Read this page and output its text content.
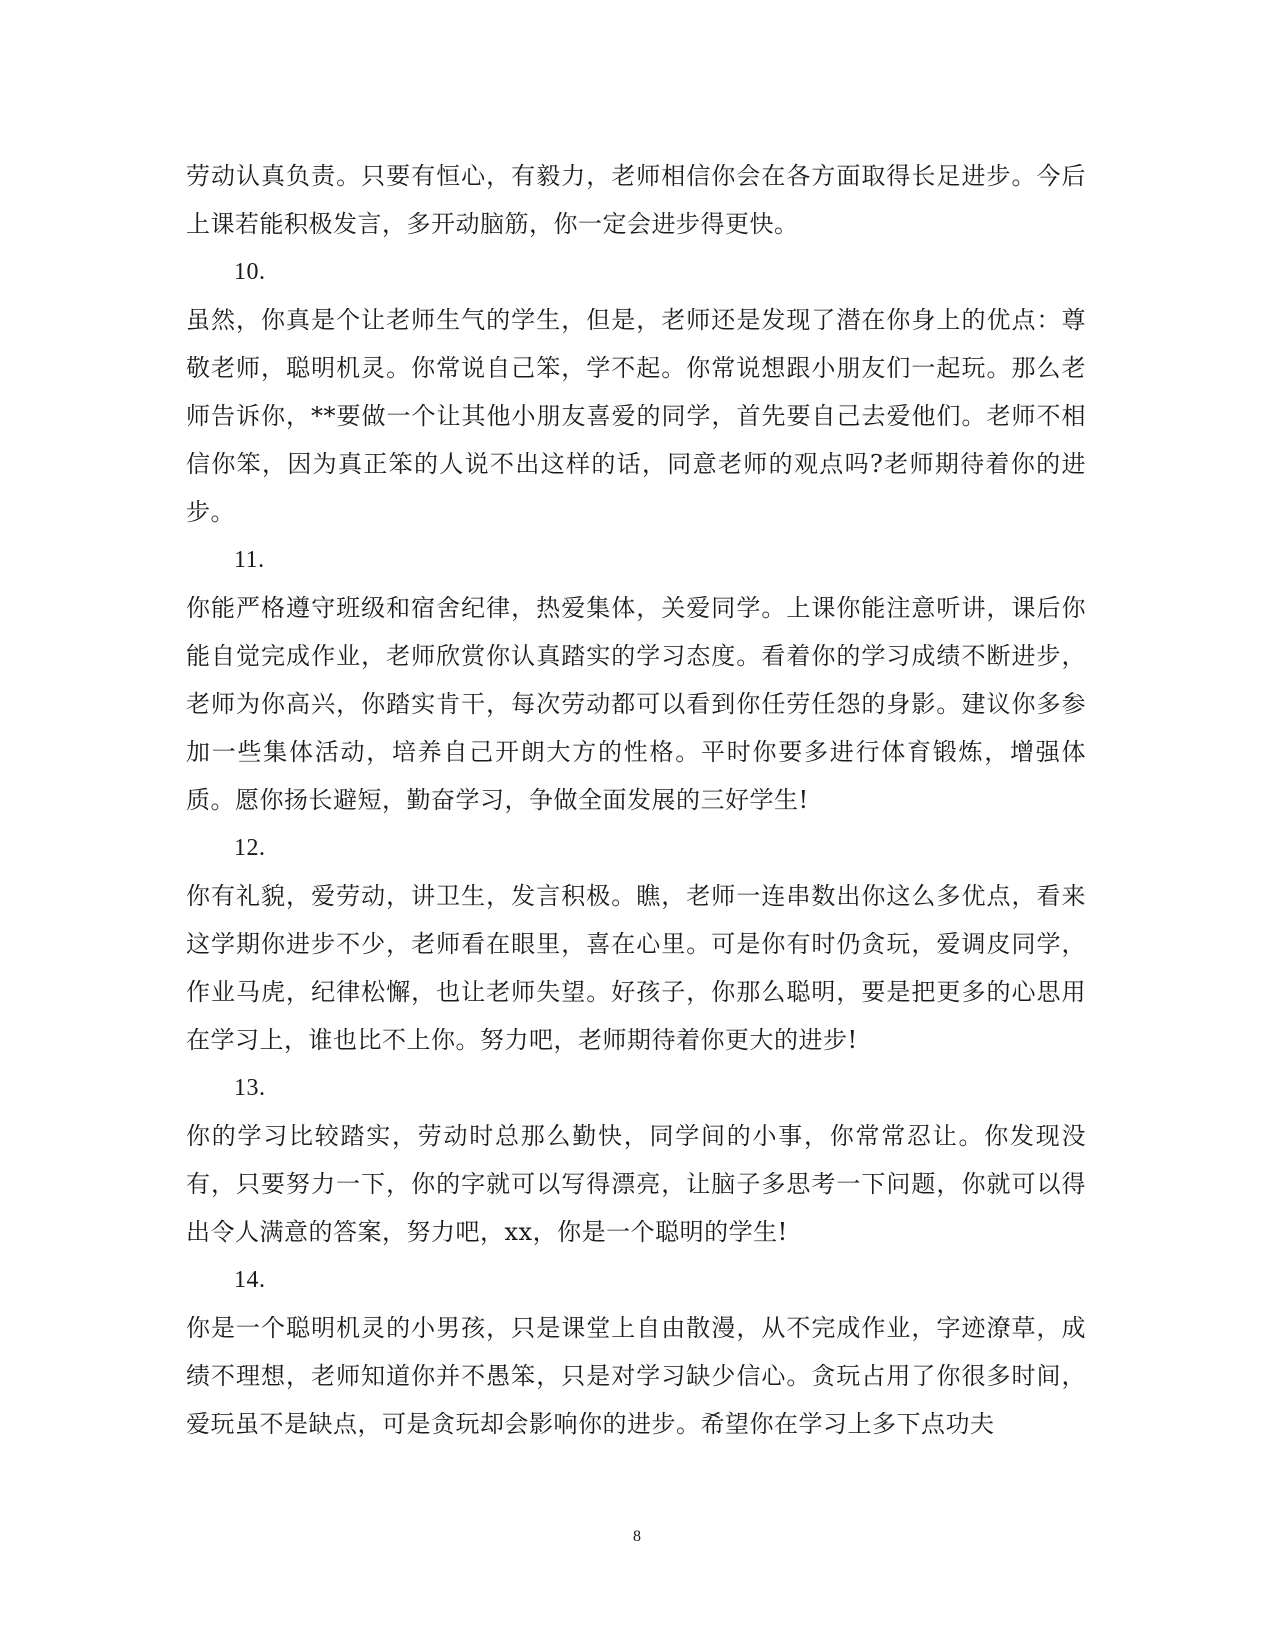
劳动认真负责。只要有恒心，有毅力，老师相信你会在各方面取得长足进步。今后上课若能积极发言，多开动脑筋，你一定会进步得更快。

10.

虽然，你真是个让老师生气的学生，但是，老师还是发现了潜在你身上的优点：尊敬老师，聪明机灵。你常说自己笨，学不起。你常说想跟小朋友们一起玩。那么老师告诉你，**要做一个让其他小朋友喜爱的同学，首先要自己去爱他们。老师不相信你笨，因为真正笨的人说不出这样的话，同意老师的观点吗?老师期待着你的进步。

11.

你能严格遵守班级和宿舍纪律，热爱集体，关爱同学。上课你能注意听讲，课后你能自觉完成作业，老师欣赏你认真踏实的学习态度。看着你的学习成绩不断进步，老师为你高兴，你踏实肯干，每次劳动都可以看到你任劳任怨的身影。建议你多参加一些集体活动，培养自己开朗大方的性格。平时你要多进行体育锻炼，增强体质。愿你扬长避短，勤奋学习，争做全面发展的三好学生!

12.

你有礼貌，爱劳动，讲卫生，发言积极。瞧，老师一连串数出你这么多优点，看来这学期你进步不少，老师看在眼里，喜在心里。可是你有时仍贪玩，爱调皮同学，作业马虎，纪律松懈，也让老师失望。好孩子，你那么聪明，要是把更多的心思用在学习上，谁也比不上你。努力吧，老师期待着你更大的进步!

13.

你的学习比较踏实，劳动时总那么勤快，同学间的小事，你常常忍让。你发现没有，只要努力一下，你的字就可以写得漂亮，让脑子多思考一下问题，你就可以得出令人满意的答案，努力吧，xx，你是一个聪明的学生!

14.

你是一个聪明机灵的小男孩，只是课堂上自由散漫，从不完成作业，字迹潦草，成绩不理想，老师知道你并不愚笨，只是对学习缺少信心。贪玩占用了你很多时间，爱玩虽不是缺点，可是贪玩却会影响你的进步。希望你在学习上多下点功夫

8
